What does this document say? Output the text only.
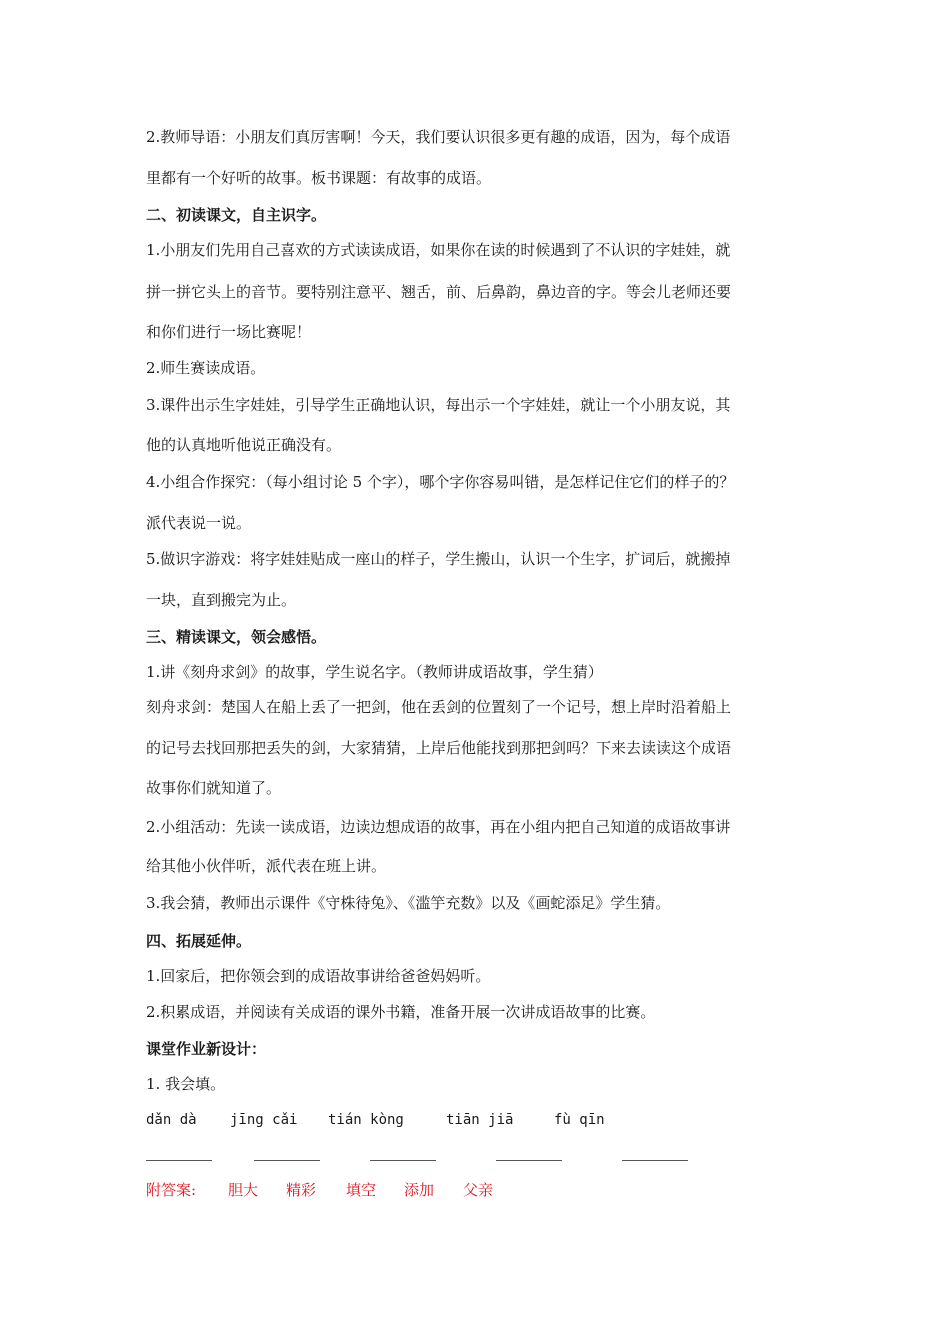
2.教师导语：小朋友们真厉害啊！今天，我们要认识很多更有趣的成语，因为，每个成语
里都有一个好听的故事。板书课题：有故事的成语。
二、初读课文，自主识字。
1.小朋友们先用自己喜欢的方式读读成语，如果你在读的时候遇到了不认识的字娃娃，就
拼一拼它头上的音节。要特别注意平、翘舌，前、后鼻韵，鼻边音的字。等会儿老师还要
和你们进行一场比赛呢！
2.师生赛读成语。
3.课件出示生字娃娃，引导学生正确地认识，每出示一个字娃娃，就让一个小朋友说，其
他的认真地听他说正确没有。
4.小组合作探究：（每小组讨论 5 个字），哪个字你容易叫错，是怎样记住它们的样子的？
派代表说一说。
5.做识字游戏：将字娃娃贴成一座山的样子，学生搬山，认识一个生字，扩词后，就搬掉
一块，直到搬完为止。
三、精读课文，领会感悟。
1.讲《刻舟求剑》的故事，学生说名字。（教师讲成语故事，学生猜）
刻舟求剑：楚国人在船上丢了一把剑，他在丢剑的位置刻了一个记号，想上岸时沿着船上
的记号去找回那把丢失的剑，大家猜猜，上岸后他能找到那把剑吗？下来去读读这个成语
故事你们就知道了。
2.小组活动：先读一读成语，边读边想成语的故事，再在小组内把自己知道的成语故事讲
给其他小伙伴听，派代表在班上讲。
3.我会猜，教师出示课件《守株待兔》、《滥竽充数》以及《画蛇添足》学生猜。
四、拓展延伸。
1.回家后，把你领会到的成语故事讲给爸爸妈妈听。
2.积累成语，并阅读有关成语的课外书籍，准备开展一次讲成语故事的比赛。
课堂作业新设计：
1. 我会填。
dǎn dà jīng cǎi tián kòng	tiān jiā	fù qīn
附答案: 胆大 精彩 填空 添加 父亲
